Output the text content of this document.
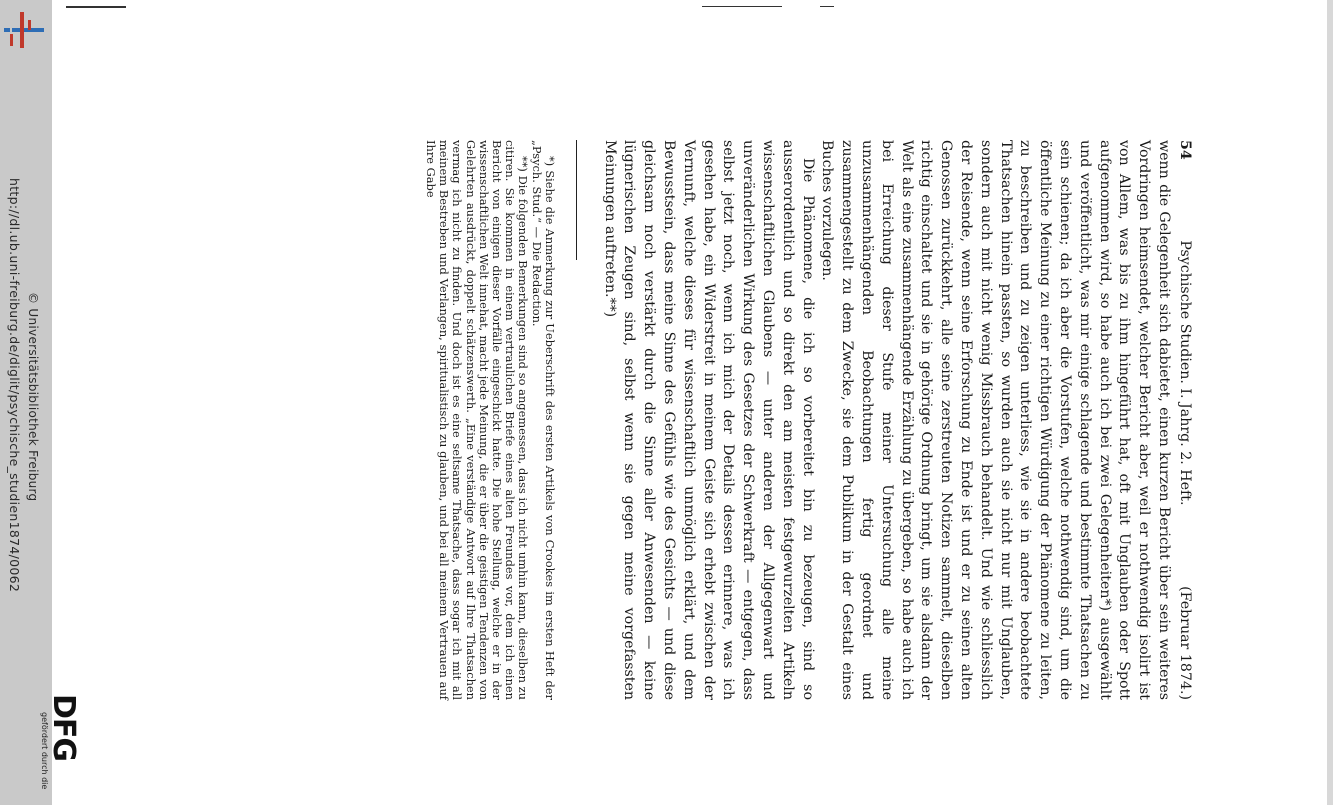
http://dl.ub.uni-freiburg.de/diglit/psychische_studien1874/0062 © Universitätsbibliothek Freiburg
DFG
gefördert durch die
54
Psychische Studien. I. Jahrg. 2. Heft.
(Februar 1874.)

wenn die Gelegenheit sich dabietet, einen kurzen Bericht über sein weiteres Vordringen heimsendet, welcher Bericht aber, weil er nothwendig isolirt ist von Allem, was bis zu ihm hingeführt hat, oft mit Unglauben oder Spott aufgenommen wird, so habe auch ich bei zwei Gelegenheiten*) ausgewählt und veröffentlicht, was mir einige schlagende und bestimmte Thatsachen zu sein schienen; da ich aber die Vorstufen, welche nothwendig sind, um die öffentliche Meinung zu einer richtigen Würdigung der Phänomene zu leiten, zu beschreiben und zu zeigen unterliess, wie sie in andere beobachtete Thatsachen hinein passten, so wurden auch sie nicht nur mit Unglauben, sondern auch mit nicht wenig Missbrauch behandelt. Und wie schliesslich der Reisende, wenn seine Erforschung zu Ende ist und er zu seinen alten Genossen zurückkehrt, alle seine zerstreuten Notizen sammelt, dieselben richtig einschaltet und sie in gehörige Ordnung bringt, um sie alsdann der Welt als eine zusammenhängende Erzählung zu übergeben, so habe auch ich bei Erreichung dieser Stufe meiner Untersuchung alle meine unzusammenhängenden Beobachtungen fertig geordnet und zusammengestellt zu dem Zwecke, sie dem Publikum in der Gestalt eines Buches vorzulegen.

Die Phänomene, die ich so vorbereitet bin zu bezeugen, sind so ausserordentlich und so direkt den am meisten festgewurzelten Artikeln wissenschaftlichen Glaubens — unter anderen der Allgegenwart und unveränderlichen Wirkung des Gesetzes der Schwerkraft — entgegen, dass selbst jetzt noch, wenn ich mich der Details dessen erinnere, was ich gesehen habe, ein Widerstreit in meinem Geiste sich erhebt zwischen der Vernunft, welche dieses für wissenschaftlich unmöglich erklärt, und dem Bewusstsein, dass meine Sinne des Gefühls wie des Gesichts — und diese gleichsam noch verstärkt durch die Sinne aller Anwesenden — keine lügnerischen Zeugen sind, selbst wenn sie gegen meine vorgefassten Meinungen auftreten.**)

*) Siehe die Anmerkung zur Ueberschrift des ersten Artikels von Crookes im ersten Heft der „Psych. Stud.“ — Die Redaction.

**) Die folgenden Bemerkungen sind so angemessen, dass ich nicht umhin kann, dieselben zu citiren. Sie kommen in einem vertraulichen Briefe eines alten Freundes vor, dem ich einen Bericht von einigen dieser Vorfälle eingeschickt hatte. Die hohe Stellung, welche er in der wissenschaftlichen Welt innehat, macht jede Meinung, die er über die geistigen Tendenzen von Gelehrten ausdrückt, doppelt schätzenswerth. „Eine verständige Antwort auf Ihre Thatsachen vermag ich nicht zu finden. Und doch ist es eine seltsame Thatsache, dass sogar ich mit all meinem Bestreben und Verlangen, spiritualistisch zu glauben, und bei all meinem Vertrauen auf Ihre Gabe
